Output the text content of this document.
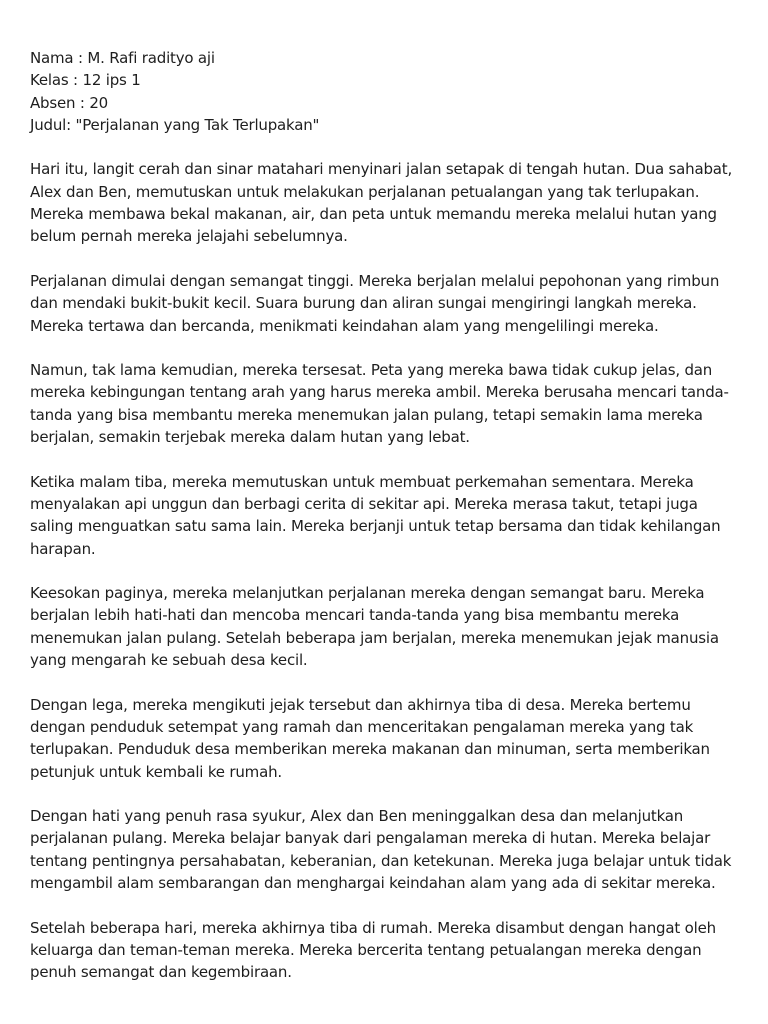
Nama : M. Rafi radityo aji
Kelas : 12 ips 1
Absen : 20
Judul: "Perjalanan yang Tak Terlupakan"

Hari itu, langit cerah dan sinar matahari menyinari jalan setapak di tengah hutan. Dua sahabat, Alex dan Ben, memutuskan untuk melakukan perjalanan petualangan yang tak terlupakan. Mereka membawa bekal makanan, air, dan peta untuk memandu mereka melalui hutan yang belum pernah mereka jelajahi sebelumnya.

Perjalanan dimulai dengan semangat tinggi. Mereka berjalan melalui pepohonan yang rimbun dan mendaki bukit-bukit kecil. Suara burung dan aliran sungai mengiringi langkah mereka. Mereka tertawa dan bercanda, menikmati keindahan alam yang mengelilingi mereka.

Namun, tak lama kemudian, mereka tersesat. Peta yang mereka bawa tidak cukup jelas, dan mereka kebingungan tentang arah yang harus mereka ambil. Mereka berusaha mencari tanda-tanda yang bisa membantu mereka menemukan jalan pulang, tetapi semakin lama mereka berjalan, semakin terjebak mereka dalam hutan yang lebat.

Ketika malam tiba, mereka memutuskan untuk membuat perkemahan sementara. Mereka menyalakan api unggun dan berbagi cerita di sekitar api. Mereka merasa takut, tetapi juga saling menguatkan satu sama lain. Mereka berjanji untuk tetap bersama dan tidak kehilangan harapan.

Keesokan paginya, mereka melanjutkan perjalanan mereka dengan semangat baru. Mereka berjalan lebih hati-hati dan mencoba mencari tanda-tanda yang bisa membantu mereka menemukan jalan pulang. Setelah beberapa jam berjalan, mereka menemukan jejak manusia yang mengarah ke sebuah desa kecil.

Dengan lega, mereka mengikuti jejak tersebut dan akhirnya tiba di desa. Mereka bertemu dengan penduduk setempat yang ramah dan menceritakan pengalaman mereka yang tak terlupakan. Penduduk desa memberikan mereka makanan dan minuman, serta memberikan petunjuk untuk kembali ke rumah.

Dengan hati yang penuh rasa syukur, Alex dan Ben meninggalkan desa dan melanjutkan perjalanan pulang. Mereka belajar banyak dari pengalaman mereka di hutan. Mereka belajar tentang pentingnya persahabatan, keberanian, dan ketekunan. Mereka juga belajar untuk tidak mengambil alam sembarangan dan menghargai keindahan alam yang ada di sekitar mereka.

Setelah beberapa hari, mereka akhirnya tiba di rumah. Mereka disambut dengan hangat oleh keluarga dan teman-teman mereka. Mereka bercerita tentang petualangan mereka dengan penuh semangat dan kegembiraan.
